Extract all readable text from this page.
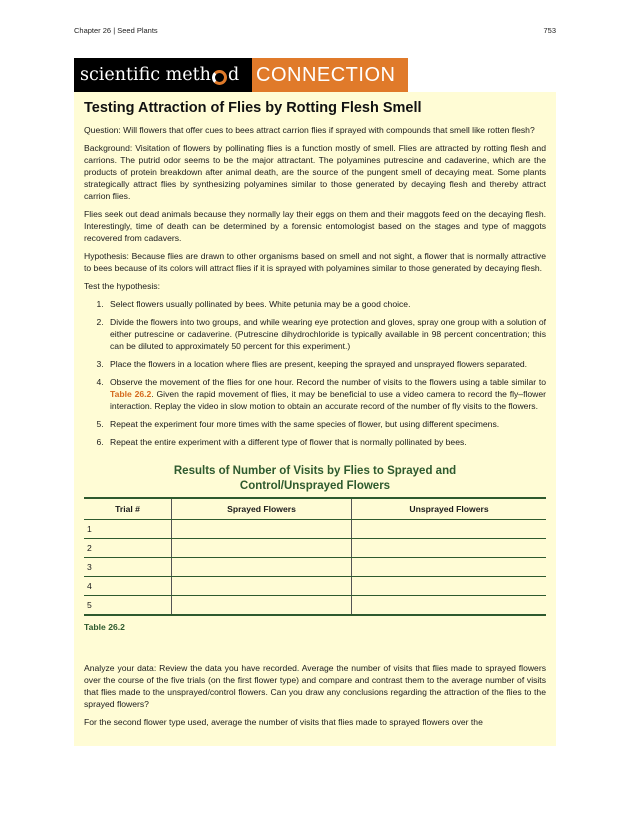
Chapter 26 | Seed Plants	753
scientific meth d CONNECTION
Testing Attraction of Flies by Rotting Flesh Smell

Question: Will flowers that offer cues to bees attract carrion flies if sprayed with compounds that smell like rotten flesh?

Background: Visitation of flowers by pollinating flies is a function mostly of smell. Flies are attracted by rotting flesh and carrions. The putrid odor seems to be the major attractant. The polyamines putrescine and cadaverine, which are the products of protein breakdown after animal death, are the source of the pungent smell of decaying meat. Some plants strategically attract flies by synthesizing polyamines similar to those generated by decaying flesh and thereby attract carrion flies.

Flies seek out dead animals because they normally lay their eggs on them and their maggots feed on the decaying flesh. Interestingly, time of death can be determined by a forensic entomologist based on the stages and type of maggots recovered from cadavers.

Hypothesis: Because flies are drawn to other organisms based on smell and not sight, a flower that is normally attractive to bees because of its colors will attract flies if it is sprayed with polyamines similar to those generated by decaying flesh.

Test the hypothesis:

1. Select flowers usually pollinated by bees. White petunia may be a good choice.
2. Divide the flowers into two groups, and while wearing eye protection and gloves, spray one group with a solution of either putrescine or cadaverine. (Putrescine dihydrochloride is typically available in 98 percent concentration; this can be diluted to approximately 50 percent for this experiment.)
3. Place the flowers in a location where flies are present, keeping the sprayed and unsprayed flowers separated.
4. Observe the movement of the flies for one hour. Record the number of visits to the flowers using a table similar to Table 26.2. Given the rapid movement of flies, it may be beneficial to use a video camera to record the fly–flower interaction. Replay the video in slow motion to obtain an accurate record of the number of fly visits to the flowers.
5. Repeat the experiment four more times with the same species of flower, but using different specimens.
6. Repeat the entire experiment with a different type of flower that is normally pollinated by bees.
Results of Number of Visits by Flies to Sprayed and Control/Unsprayed Flowers
Trial #	Sprayed Flowers	Unsprayed Flowers
1		
2		
3		
4		
5		
Table 26.2

Analyze your data: Review the data you have recorded. Average the number of visits that flies made to sprayed flowers over the course of the five trials (on the first flower type) and compare and contrast them to the average number of visits that flies made to the unsprayed/control flowers. Can you draw any conclusions regarding the attraction of the flies to the sprayed flowers?

For the second flower type used, average the number of visits that flies made to sprayed flowers over the
